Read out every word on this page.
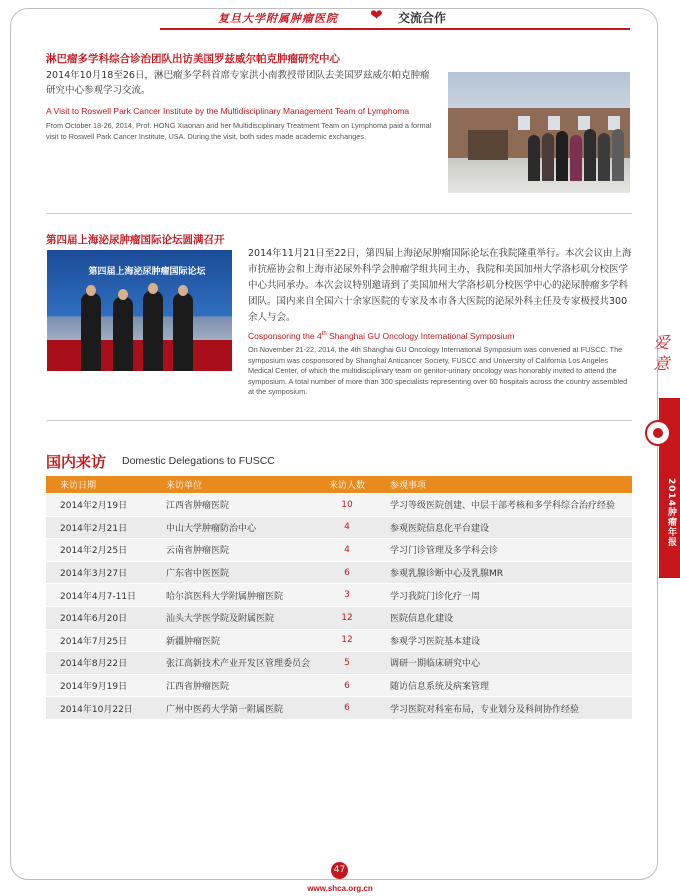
复旦大学附属肿瘤医院 ❤ 交流合作
淋巴瘤多学科综合诊治团队出访美国罗兹威尔帕克肿瘤研究中心
2014年10月18至26日，淋巴瘤多学科首席专家洪小南教授带团队去美国罗兹威尔帕克肿瘤研究中心参观学习交流。
A Visit to Roswell Park Cancer Institute by the Multidisciplinary Management Team of Lymphoma
From October 18-26, 2014, Prof. HONG Xiaonan and her Multidisciplinary Treatment Team on Lymphoma paid a formal visit to Roswell Park Cancer Institute, USA. During the visit, both sides made academic exchanges.
第四届上海泌尿肿瘤国际论坛圆满召开
第四届上海泌尿肿瘤国际论坛
2014年11月21日至22日，第四届上海泌尿肿瘤国际论坛在我院隆重举行。本次会议由上海市抗癌协会和上海市泌尿外科学会肿瘤学组共同主办，我院和美国加州大学洛杉矶分校医学中心共同承办。本次会议特别邀请到了美国加州大学洛杉矶分校医学中心的泌尿肿瘤多学科团队。国内来自全国六十余家医院的专家及本市各大医院的泌尿外科主任及专家极授共300余人与会。
Cosponsoring the 4th Shanghai GU Oncology International Symposium
On November 21-22, 2014, the 4th Shanghai GU Oncology International Symposium was convened at FUSCC. The symposium was cosponsored by Shanghai Anticancer Society, FUSCC and University of California Los Angeles Medical Center, of which the multidisciplinary team on genitor-urinary oncology was honorably invited to attend the symposium. A total number of more than 300 specialists representing over 60 hospitals across the country assembled at the symposium.
国内来访 Domestic Delegations to FUSCC
来访日期	来访单位	来访人数	参观事项
2014年2月19日	江西省肿瘤医院	10	学习等级医院创建、中层干部考核和多学科综合治疗经验
2014年2月21日	中山大学肿瘤防治中心	4	参观医院信息化平台建设
2014年2月25日	云南省肿瘤医院	4	学习门诊管理及多学科会诊
2014年3月27日	广东省中医医院	6	参观乳腺诊断中心及乳腺MR
2014年4月7-11日	哈尔滨医科大学附属肿瘤医院	3	学习我院门诊化疗一周
2014年6月20日	汕头大学医学院及附属医院	12	医院信息化建设
2014年7月25日	新疆肿瘤医院	12	参观学习医院基本建设
2014年8月22日	张江高新技术产业开发区管理委员会	5	调研一期临床研究中心
2014年9月19日	江西省肿瘤医院	6	随访信息系统及病案管理
2014年10月22日	广州中医药大学第一附属医院	6	学习医院对科室布局，专业划分及科间协作经验
爱 意
2014肿瘤年报
47
www.shca.org.cn
